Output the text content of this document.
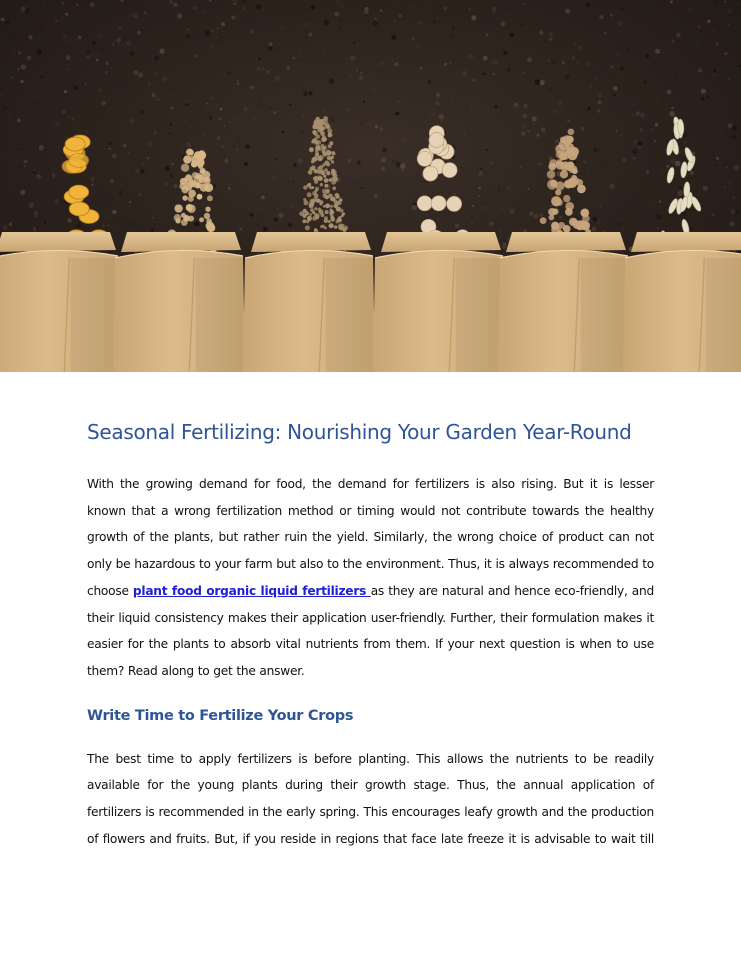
Seasonal Fertilizing: Nourishing Your Garden Year-Round

With the growing demand for food, the demand for fertilizers is also rising. But it is lesser known that a wrong fertilization method or timing would not contribute towards the healthy growth of the plants, but rather ruin the yield. Similarly, the wrong choice of product can not only be hazardous to your farm but also to the environment. Thus, it is always recommended to choose plant food organic liquid fertilizers as they are natural and hence eco-friendly, and their liquid consistency makes their application user-friendly. Further, their formulation makes it easier for the plants to absorb vital nutrients from them. If your next question is when to use them? Read along to get the answer.

Write Time to Fertilize Your Crops

The best time to apply fertilizers is before planting. This allows the nutrients to be readily available for the young plants during their growth stage. Thus, the annual application of fertilizers is recommended in the early spring. This encourages leafy growth and the production of flowers and fruits. But, if you reside in regions that face late freeze it is advisable to wait till
